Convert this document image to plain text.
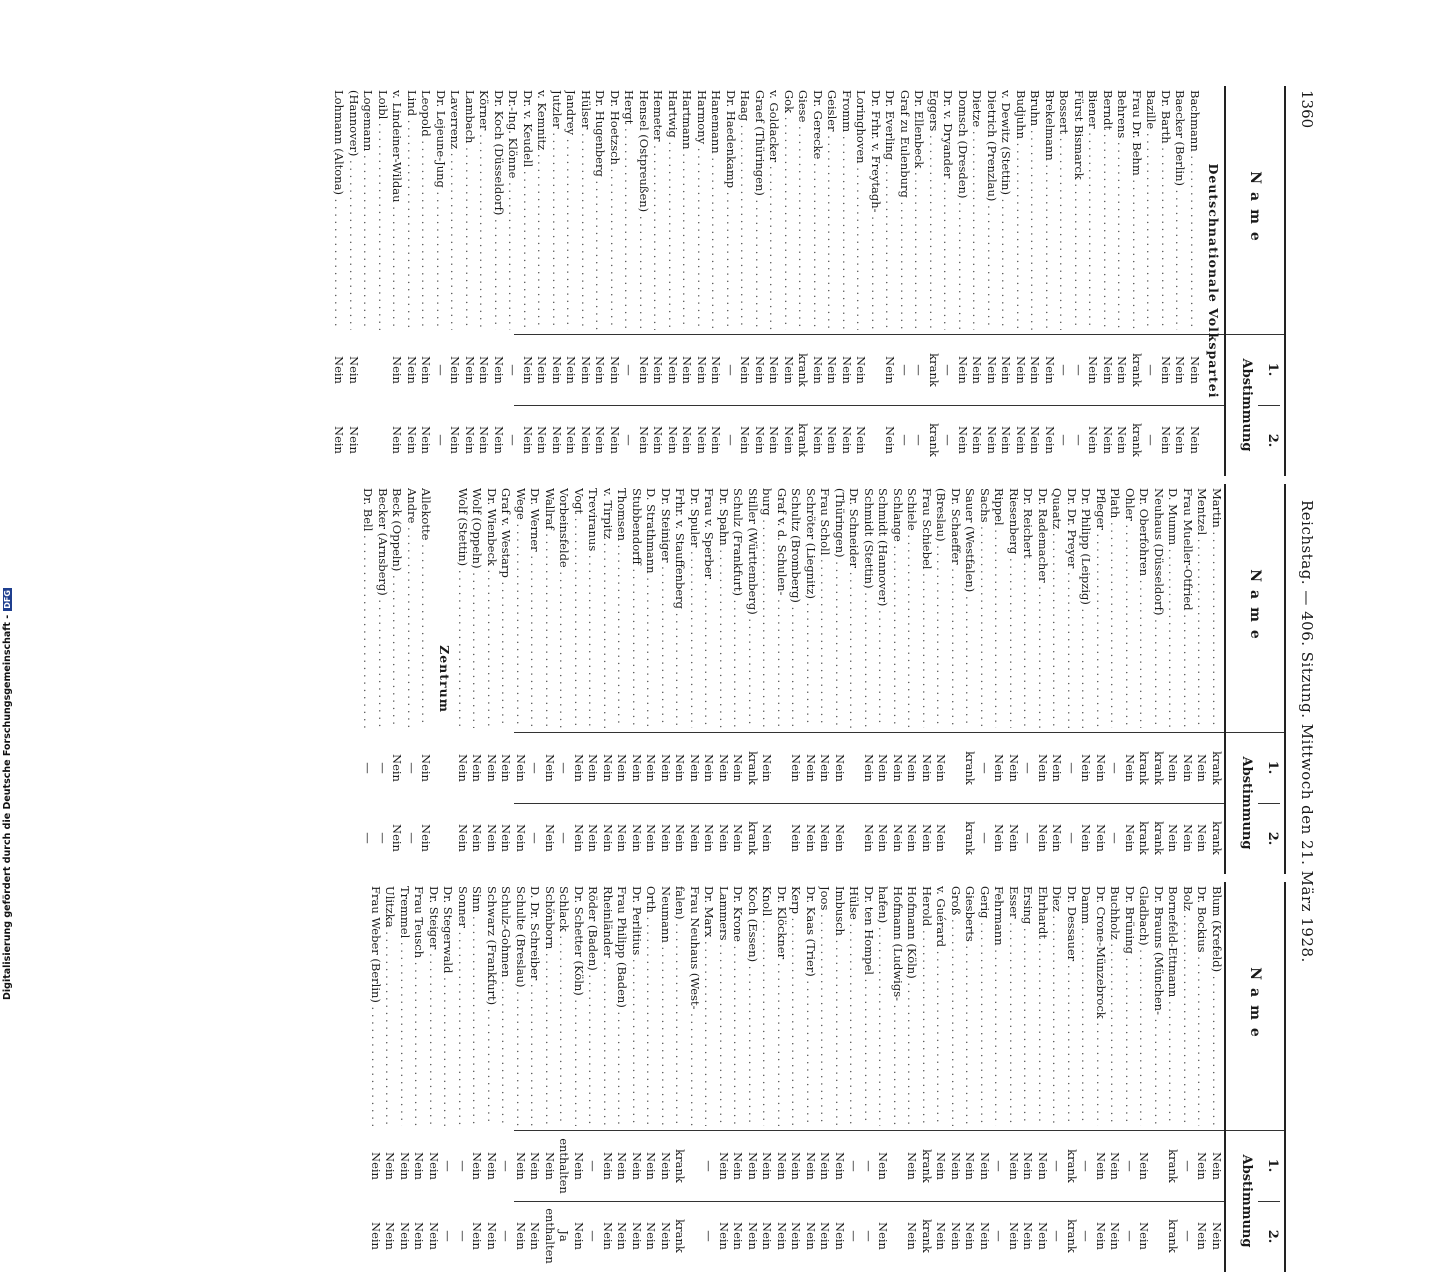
1360
Reichstag. — 406. Sitzung. Mittwoch den 21. März 1928.
Name
1.
2.
Abstimmung
Deutschnationale Volkspartei
Bachmann . . .
Nein
Nein
Baecker (Berlin) . . .
Nein
Nein
Dr. Barth . . .
Nein
Nein
Bazille . . .
—
—
Frau Dr. Behm . . .
krank
krank
Behrens . . .
Nein
Nein
Berndt . . .
Nein
Nein
Biener . . .
Nein
Nein
Fürst Bismarck . . .
—
—
Bossert . . .
—
—
Brekelmann . . .
Nein
Nein
Bruhn . . .
Nein
Nein
Budjuhn . . .
Nein
Nein
v. Dewitz (Stettin) . . .
Nein
Nein
Dietrich (Prenzlau) . . .
Nein
Nein
Dietze . . .
Nein
Nein
Domsch (Dresden) . . .
Nein
Nein
Dr. v. Dryander . . .
—
—
Eggers . . .
krank
krank
Dr. Ellenbeck . . .
—
—
Graf zu Eulenburg . . .
—
—
Dr. Everling . . .
Nein
Nein
Dr. Frhr. v. Freytagh- . . .
Loringhoven . . .
Nein
Nein
Fromm . . .
Nein
Nein
Geisler . . .
Nein
Nein
Dr. Gerecke . . .
Nein
Nein
Giese . . .
krank
krank
Gok . . .
Nein
Nein
v. Goldacker . . .
Nein
Nein
Graef (Thüringen) . . .
Nein
Nein
Haag . . .
Nein
Nein
Dr. Haedenkamp . . .
—
—
Hanemann . . .
Nein
Nein
Harmony . . .
Nein
Nein
Hartmann . . .
Nein
Nein
Hartwig . . .
Nein
Nein
Hemeter . . .
Nein
Nein
Hensel (Ostpreußen) . . .
Nein
Nein
Hergt . . .
—
—
Dr. Hoetzsch . . .
Nein
Nein
Dr. Hugenberg . . .
Nein
Nein
Hülser . . .
Nein
Nein
Jandrey . . .
Nein
Nein
Jutzler . . .
Nein
Nein
v. Kemnitz . . .
Nein
Nein
Dr. v. Keudell . . .
Nein
Nein
Dr.-Ing. Klönne . . .
—
—
Dr. Koch (Düsseldorf) . . .
Nein
Nein
Körner . . .
Nein
Nein
Lambach . . .
Nein
Nein
Laverrenz . . .
Nein
Nein
Dr. Lejeune-Jung . . .
—
—
Leopold . . .
Nein
Nein
Lind . . .
Nein
Nein
v. Lindeiner-Wildau . . .
Nein
Nein
Loibl . . .
Logemann . . .
(Hannover) . . .
Nein
Nein
Lohmann (Altona) . . .
Nein
Nein
Name
1.
2.
Abstimmung
Martin . . .
krank
krank
Mentzel . . .
Nein
Nein
Frau Mueller-Otfried . . .
Nein
Nein
D. Mumm . . .
Nein
Nein
Neuhaus (Düsseldorf) . . .
krank
krank
Dr. Oberfohren . . .
krank
krank
Ohler . . .
Nein
Nein
Plath . . .
—
—
Pfleger . . .
Nein
Nein
Dr. Philipp (Leipzig) . . .
Nein
Nein
Dr. Dr. Preyer . . .
—
—
Quaatz . . .
Nein
Nein
Dr. Rademacher . . .
Nein
Nein
Dr. Reichert . . .
—
—
Riesenberg . . .
Nein
Nein
Rippel . . .
Nein
Nein
Sachs . . .
—
—
Sauer (Westfalen) . . .
krank
krank
Dr. Schaeffer . . .
(Breslau) . . .
Nein
Nein
Frau Schiebel . . .
Nein
Nein
Schiele . . .
Nein
Nein
Schlange . . .
Nein
Nein
Schmidt (Hannover) . . .
Nein
Nein
Schmidt (Stettin) . . .
Nein
Nein
Dr. Schneider . . .
(Thüringen) . . .
Nein
Nein
Frau Scholl . . .
Nein
Nein
Schröter (Liegnitz) . . .
Nein
Nein
Schultz (Bromberg) . . .
Nein
Nein
Graf v. d. Schulen- . . .
burg . . .
Nein
Nein
Stiller (Württemberg) . . .
krank
krank
Schulz (Frankfurt) . . .
Nein
Nein
Dr. Spahn . . .
Nein
Nein
Frau v. Sperber . . .
Nein
Nein
Dr. Spuler . . .
Nein
Nein
Frhr. v. Stauffenberg . . .
Nein
Nein
Dr. Steiniger . . .
Nein
Nein
D. Strathmann . . .
Nein
Nein
Stubbendorff . . .
Nein
Nein
Thomsen . . .
Nein
Nein
v. Tirpitz . . .
Nein
Nein
Treviranus . . .
Nein
Nein
Vogt . . .
Nein
Nein
Vorbeinsfelde . . .
—
—
Wallraf . . .
Nein
Nein
Dr. Werner . . .
—
—
Wege . . .
Nein
Nein
Graf v. Westarp . . .
Nein
Nein
Dr. Wienbeck . . .
Nein
Nein
Wolf (Oppeln) . . .
Nein
Nein
Wolf (Stettin) . . .
Nein
Nein
Zentrum
Allekotte . . .
Nein
Nein
Andre . . .
—
—
Beck (Oppeln) . . .
Nein
Nein
Becker (Arnsberg) . . .
—
—
Dr. Bell . . .
—
—
Name
1.
2.
Abstimmung
Blum (Krefeld) . . .
Nein
Nein
Dr. Bockius . . .
Nein
Nein
Bolz . . .
—
—
Bornefeld-Ettmann . . .
krank
krank
Dr. Brauns (München- . . .
Gladbach) . . .
Nein
Nein
Dr. Brüning . . .
—
—
Buchholz . . .
Nein
Nein
Dr. Crone-Münzebrock . . .
Nein
Nein
Damm . . .
—
—
Dr. Dessauer . . .
krank
krank
Diez . . .
—
—
Ehrhardt . . .
Nein
Nein
Ersing . . .
Nein
Nein
Esser . . .
Nein
Nein
Fehrmann . . .
—
—
Gerig . . .
Nein
Nein
Giesberts . . .
Nein
Nein
Groß . . .
Nein
Nein
v. Guérard . . .
Nein
Nein
Herold . . .
krank
krank
Hofmann (Köln) . . .
Nein
Nein
Hofmann (Ludwigs- . . .
hafen) . . .
Nein
Nein
Dr. ten Hompel . . .
—
—
Hülse . . .
—
—
Imbusch . . .
Nein
Nein
Joos . . .
Nein
Nein
Dr. Kaas (Trier) . . .
Nein
Nein
Kerp . . .
Nein
Nein
Dr. Klöckner . . .
Nein
Nein
Knoll . . .
Nein
Nein
Koch (Essen) . . .
Nein
Nein
Dr. Krone . . .
Nein
Nein
Lammers . . .
Nein
Nein
Dr. Marx . . .
—
—
Frau Neuhaus (West- . . .
falen) . . .
krank
krank
Neumann . . .
Nein
Nein
Orth . . .
Nein
Nein
Dr. Perlitius . . .
Nein
Nein
Frau Philipp (Baden) . . .
Nein
Nein
Rheinländer . . .
Nein
Nein
Röder (Baden) . . .
—
—
Dr. Schetter (Köln) . . .
Nein
Nein
Schlack . . .
enthalten
Ja
Schönborn . . .
Nein
enthalten
D. Dr. Schreiber . . .
Nein
Nein
Schulte (Breslau) . . .
Nein
Nein
Schulz-Gohmen . . .
—
—
Schwarz (Frankfurt) . . .
Nein
Nein
Sinn . . .
Nein
Nein
Sonner . . .
—
—
Dr. Stegerwald . . .
—
—
Dr. Steiger . . .
Nein
Nein
Frau Teusch . . .
Nein
Nein
Tremmel . . .
Nein
Nein
Ulitzka . . .
Nein
Nein
Frau Weber (Berlin) . . .
Nein
Nein
Digitalisierung gefördert durch die Deutsche Forschungsgemeinschaft -DFG
